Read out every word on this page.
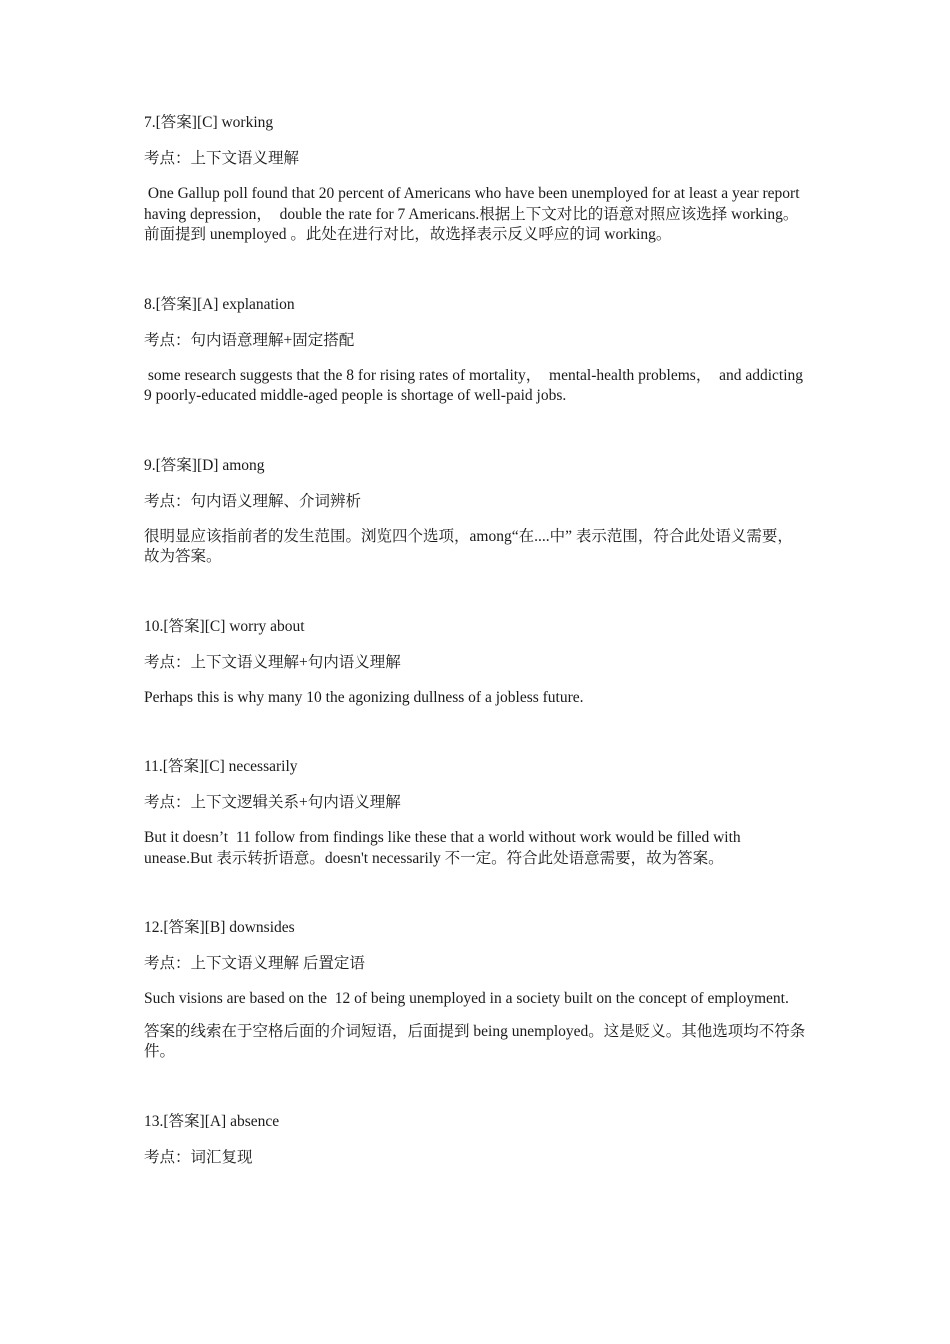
7.[答案][C] working

考点：上下文语义理解

One Gallup poll found that 20 percent of Americans who have been unemployed for at least a year report having depression，  double the rate for 7 Americans.根据上下文对比的语意对照应该选择 working。前面提到 unemployed 。此处在进行对比，故选择表示反义呼应的词 working。

8.[答案][A] explanation

考点：句内语意理解+固定搭配

some research suggests that the 8 for rising rates of mortality，  mental-health problems，  and addicting 9 poorly-educated middle-aged people is shortage of well-paid jobs.

9.[答案][D] among

考点：句内语义理解、介词辨析

很明显应该指前者的发生范围。浏览四个选项，among“在....中” 表示范围，符合此处语义需要，故为答案。

10.[答案][C] worry about

考点：上下文语义理解+句内语义理解

Perhaps this is why many 10 the agonizing dullness of a jobless future.

11.[答案][C] necessarily

考点：上下文逻辑关系+句内语义理解

But it doesn’t  11 follow from findings like these that a world without work would be filled with unease.But 表示转折语意。doesn't necessarily 不一定。符合此处语意需要，故为答案。

12.[答案][B] downsides

考点：上下文语义理解 后置定语

Such visions are based on the  12 of being unemployed in a society built on the concept of employment.

答案的线索在于空格后面的介词短语，后面提到 being unemployed。这是贬义。其他选项均不符条件。

13.[答案][A] absence

考点：词汇复现
